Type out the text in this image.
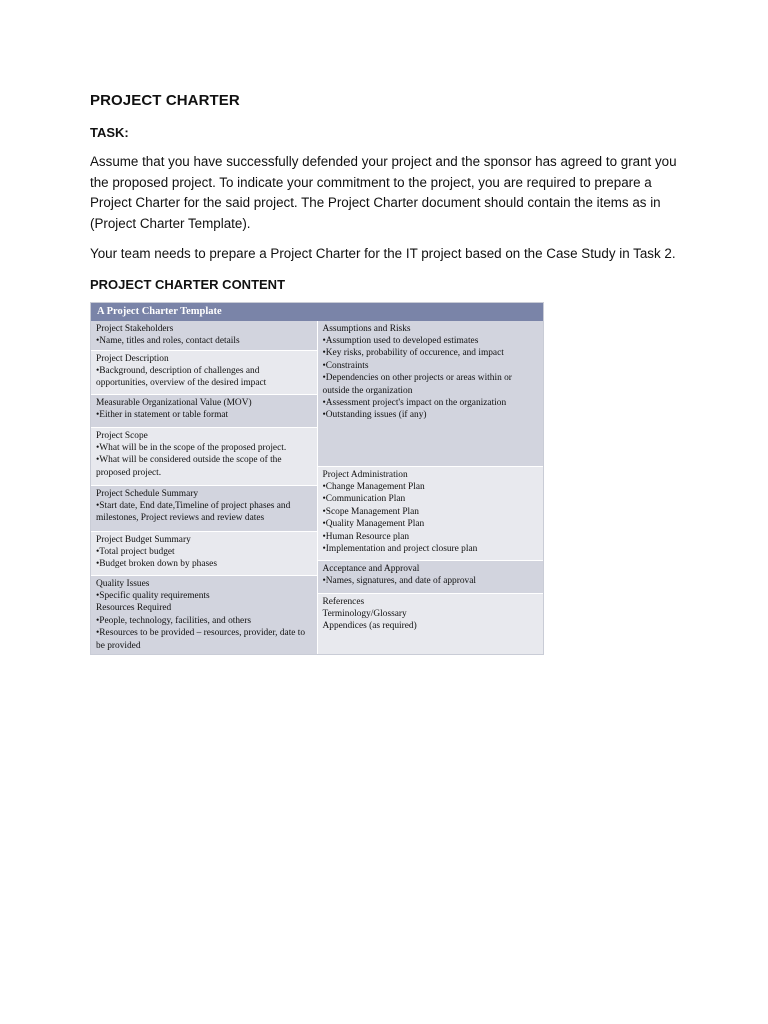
PROJECT CHARTER
TASK:

Assume that you have successfully defended your project and the sponsor has agreed to grant you the proposed project. To indicate your commitment to the project, you are required to prepare a Project Charter for the said project. The Project Charter document should contain the items as in (Project Charter Template).

Your team needs to prepare a Project Charter for the IT project based on the Case Study in Task 2.

PROJECT CHARTER CONTENT
A Project Charter Template
Project Stakeholders
•Name, titles and roles, contact details
Project Description
•Background, description of challenges and opportunities, overview of the desired impact
Measurable Organizational Value (MOV)
•Either in statement or table format
Project Scope
•What will be in the scope of the proposed project.
•What will be considered outside the scope of the proposed project.
Project Schedule Summary
•Start date, End date,Timeline of project phases and milestones, Project reviews and review dates
Project Budget Summary
•Total project budget
•Budget broken down by phases
Quality Issues
•Specific quality requirements
Resources Required
•People, technology, facilities, and others
•Resources to be provided – resources, provider, date to be provided
Assumptions and Risks
•Assumption used to developed estimates
•Key risks, probability of occurence, and impact
•Constraints
•Dependencies on other projects or areas within or outside the organization
•Assessment project's impact on the organization
•Outstanding issues (if any)
Project Administration
•Change Management Plan
•Communication Plan
•Scope Management Plan
•Quality Management Plan
•Human Resource plan
•Implementation and project closure plan
Acceptance and Approval
•Names, signatures, and date of approval
References
Terminology/Glossary
Appendices (as required)
